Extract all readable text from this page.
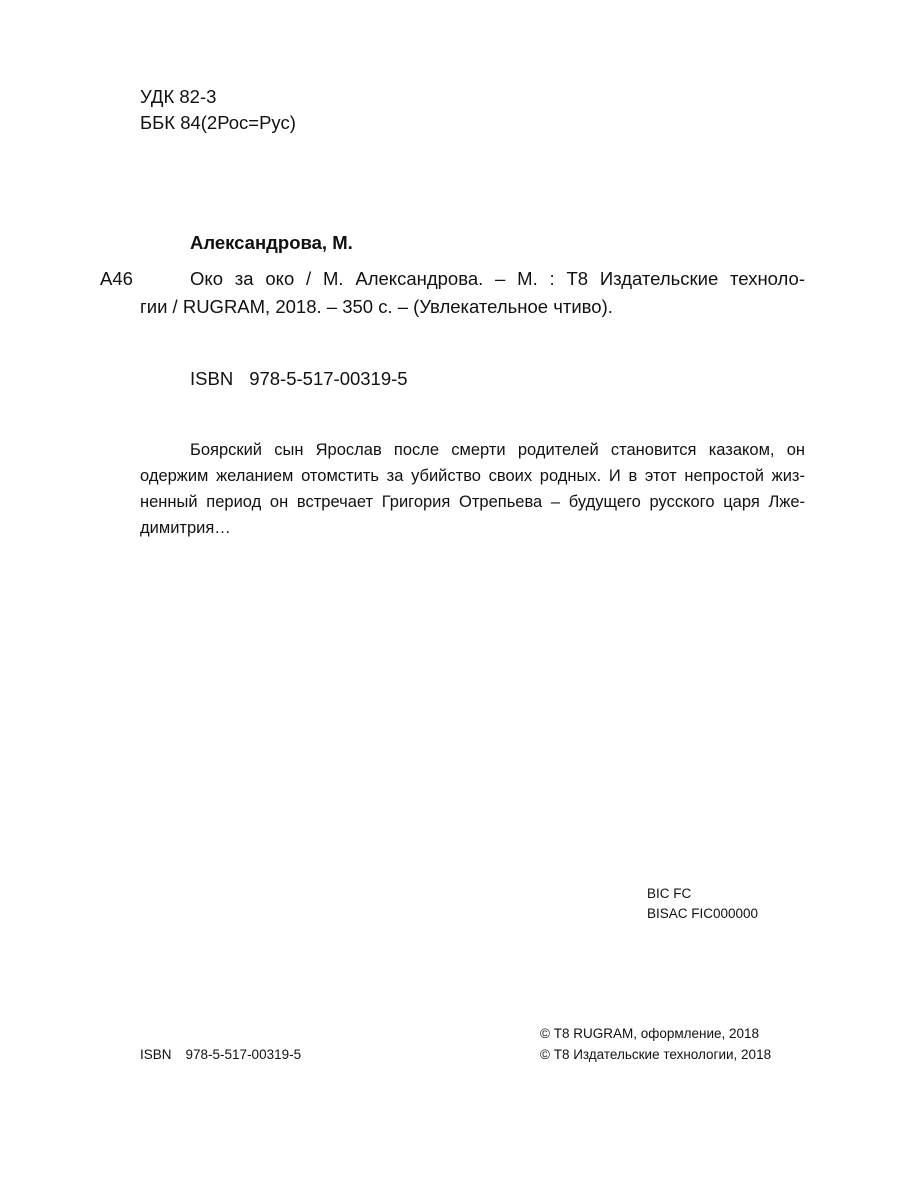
УДК 82-3
ББК 84(2Рос=Рус)
Александрова, М.
А46	Око за око / М. Александрова. – М. : Т8 Издательские техноло-
гии / RUGRAM, 2018. – 350 с. – (Увлекательное чтиво).
ISBN 978-5-517-00319-5
Боярский сын Ярослав после смерти родителей становится казаком, он
одержим желанием отомстить за убийство своих родных. И в этот непростой жиз-
ненный период он встречает Григория Отрепьева – будущего русского царя Лже-
димитрия…
BIC FC
BISAC FIC000000
© Т8 RUGRAM, оформление, 2018
© Т8 Издательские технологии, 2018
ISBN 978-5-517-00319-5
